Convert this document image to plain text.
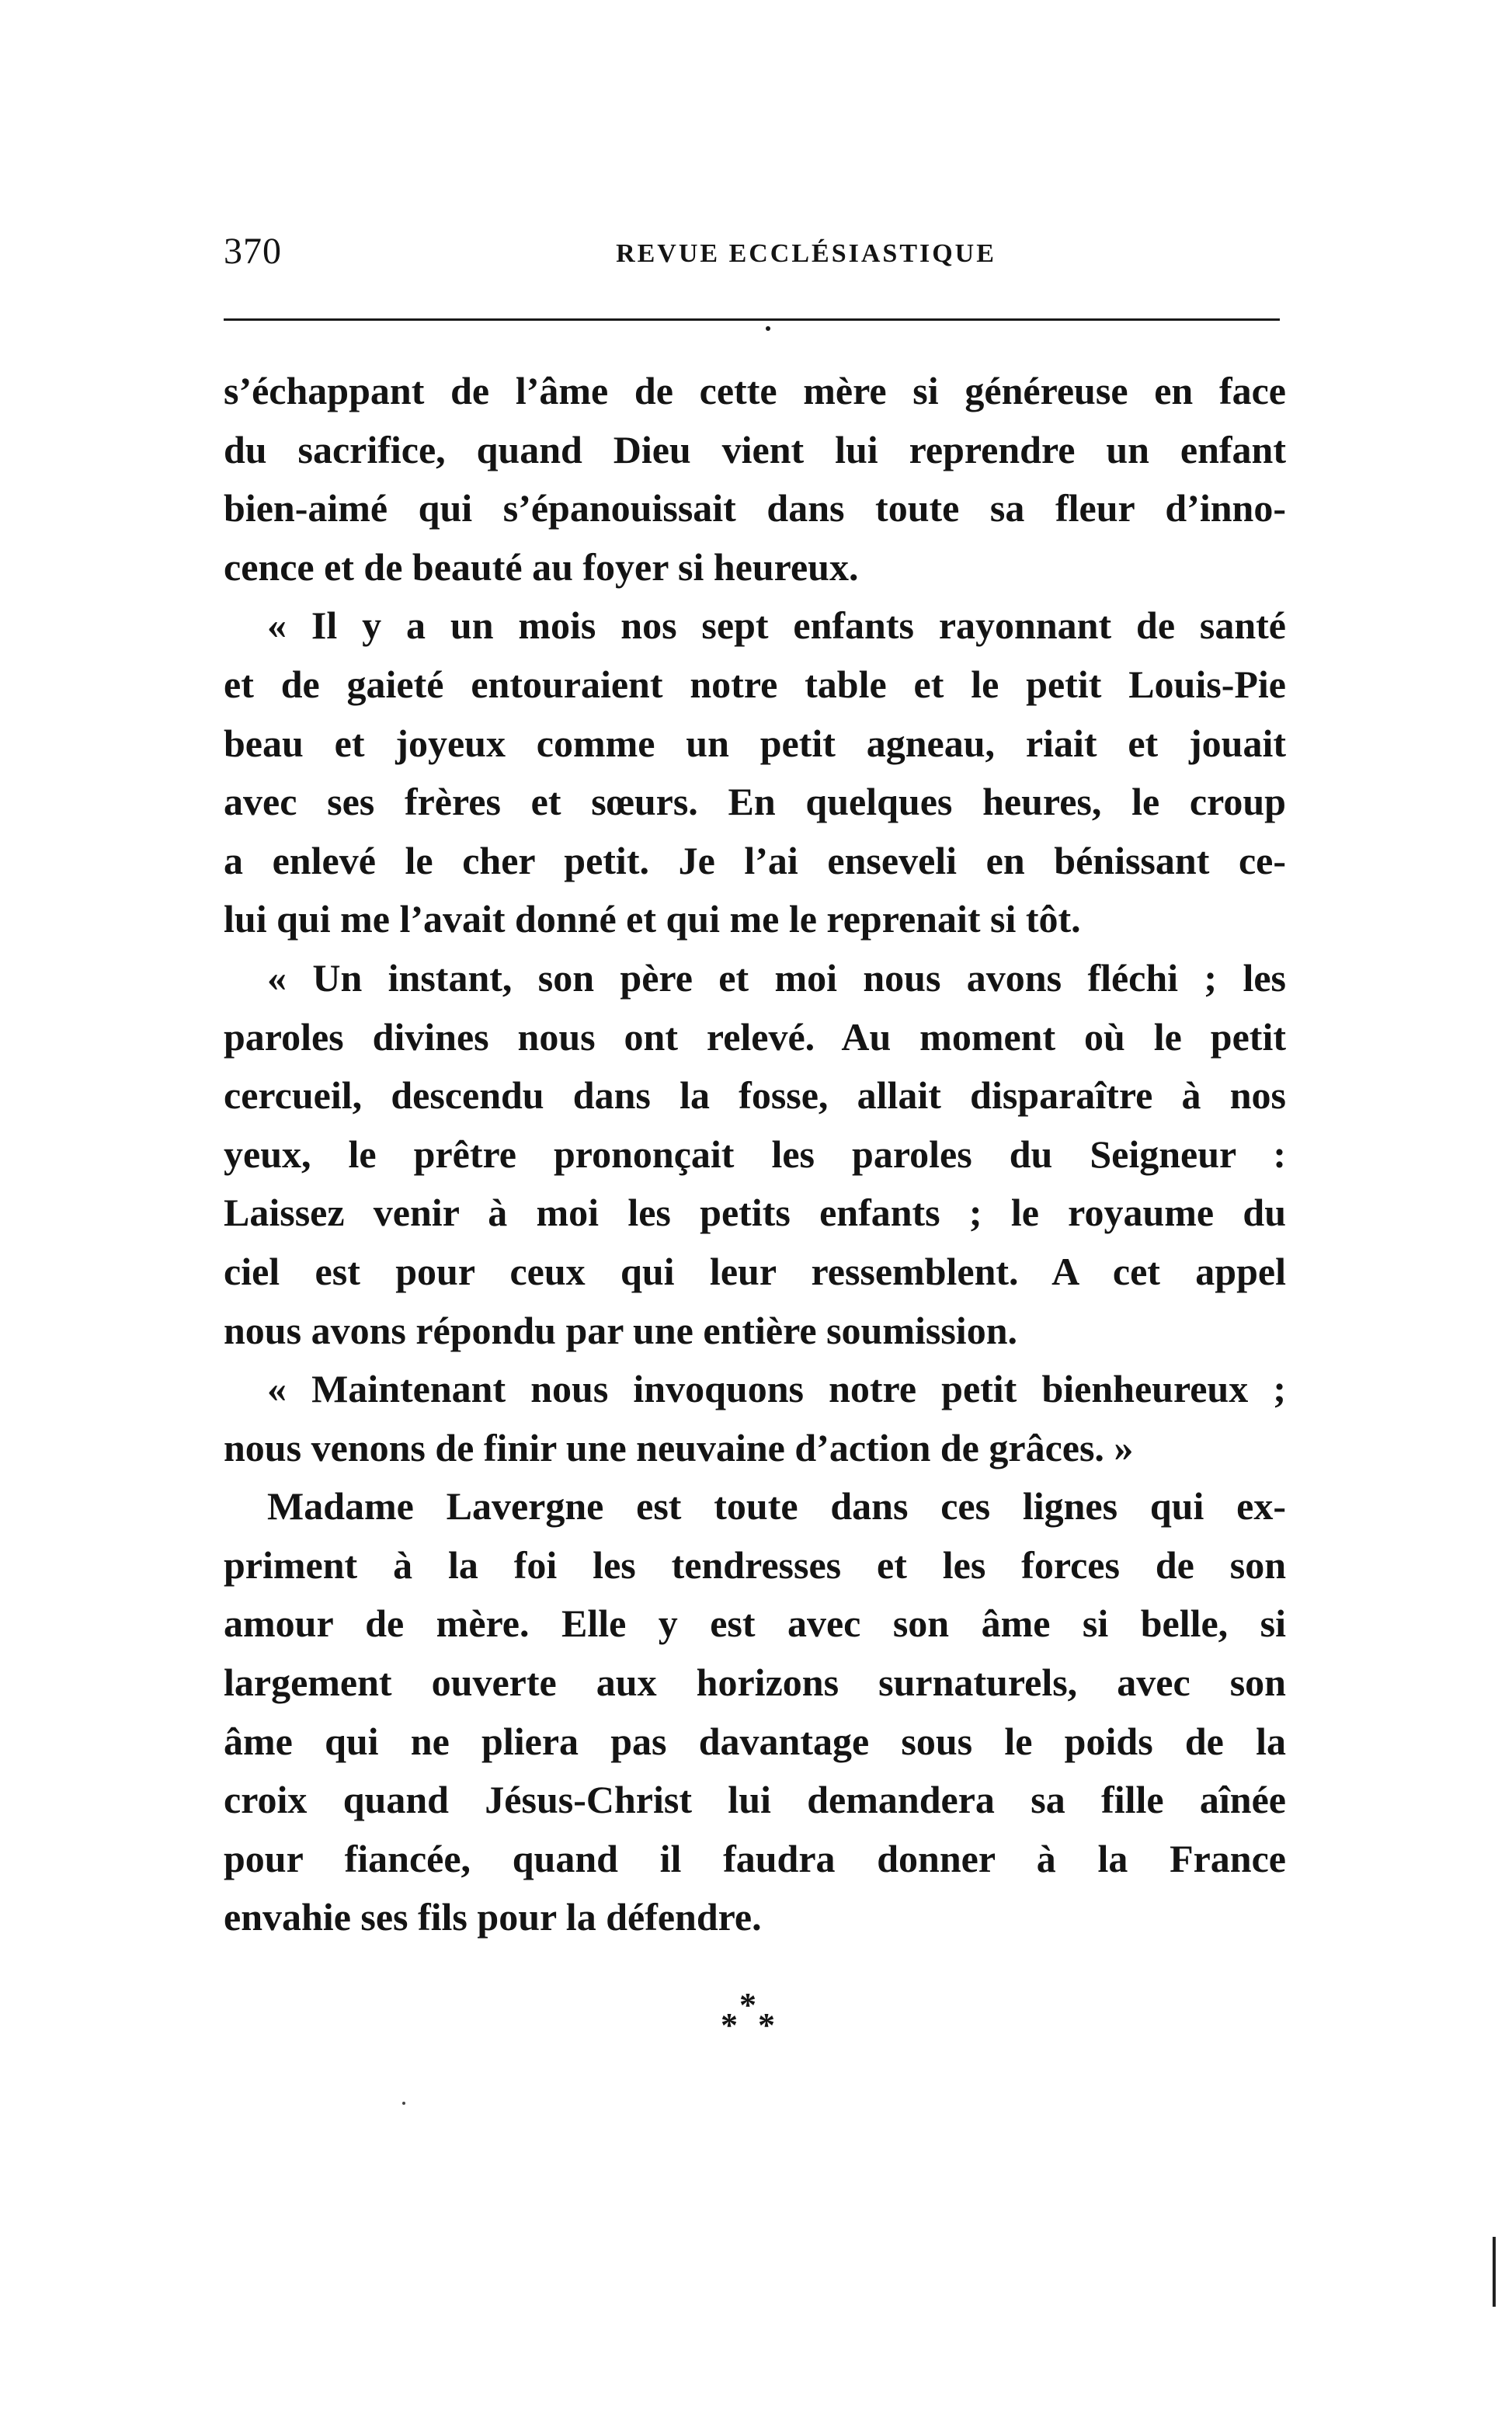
370	REVUE ECCLÉSIASTIQUE
s’échappant de l’âme de cette mère si généreuse en face
du sacrifice, quand Dieu vient lui reprendre un enfant
bien-aimé qui s’épanouissait dans toute sa fleur d’inno-
cence et de beauté au foyer si heureux.
« Il y a un mois nos sept enfants rayonnant de santé
et de gaieté entouraient notre table et le petit Louis-Pie
beau et joyeux comme un petit agneau, riait et jouait
avec ses frères et sœurs. En quelques heures, le croup
a enlevé le cher petit. Je l’ai enseveli en bénissant ce-
lui qui me l’avait donné et qui me le reprenait si tôt.
« Un instant, son père et moi nous avons fléchi ; les
paroles divines nous ont relevé. Au moment où le petit
cercueil, descendu dans la fosse, allait disparaître à nos
yeux, le prêtre prononçait les paroles du Seigneur :
Laissez venir à moi les petits enfants ; le royaume du
ciel est pour ceux qui leur ressemblent. A cet appel
nous avons répondu par une entière soumission.
« Maintenant nous invoquons notre petit bienheureux ;
nous venons de finir une neuvaine d’action de grâces. »
Madame Lavergne est toute dans ces lignes qui ex-
priment à la foi les tendresses et les forces de son
amour de mère. Elle y est avec son âme si belle, si
largement ouverte aux horizons surnaturels, avec son
âme qui ne pliera pas davantage sous le poids de la
croix quand Jésus-Christ lui demandera sa fille aînée
pour fiancée, quand il faudra donner à la France
envahie ses fils pour la défendre.
*
* *
